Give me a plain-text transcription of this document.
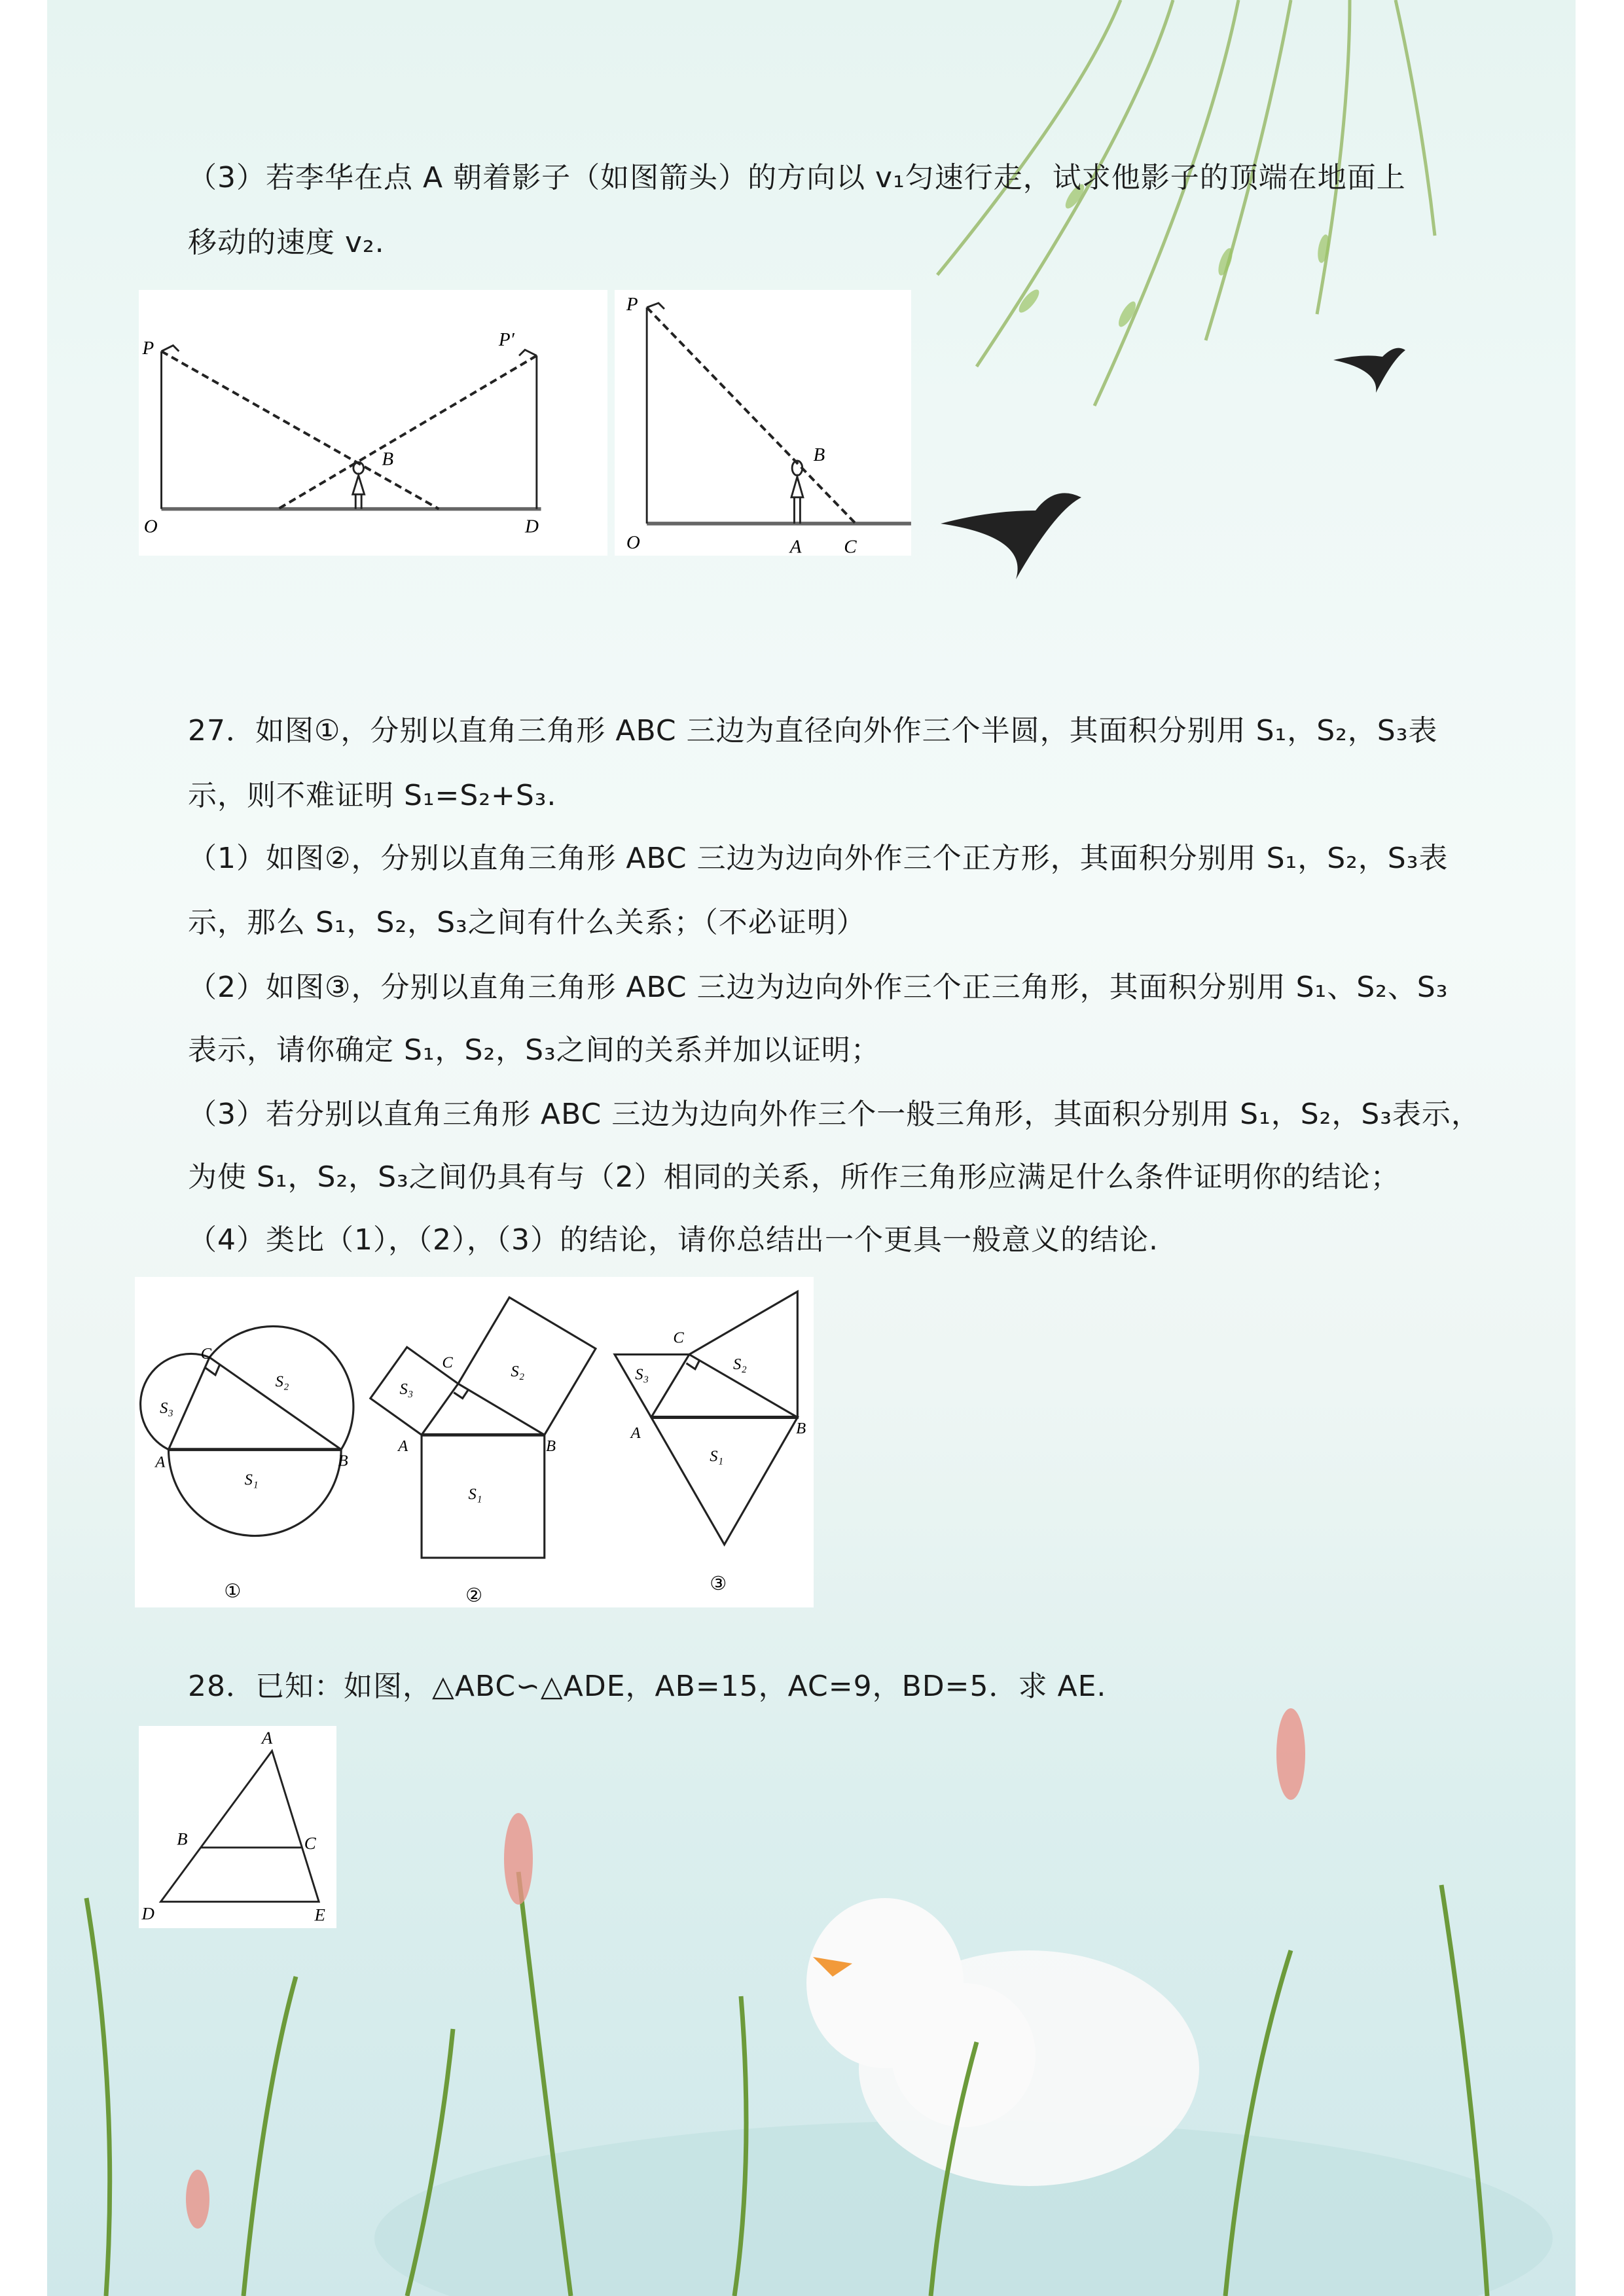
（3）若李华在点 A 朝着影子（如图箭头）的方向以 v₁匀速行走，试求他影子的顶端在地面上
移动的速度 v₂.
P	P′
B
O	D
P
B
O	A	C
27．如图①，分别以直角三角形 ABC 三边为直径向外作三个半圆，其面积分别用 S₁，S₂，S₃表
示，则不难证明 S₁=S₂+S₃.
（1）如图②，分别以直角三角形 ABC 三边为边向外作三个正方形，其面积分别用 S₁，S₂，S₃表
示，那么 S₁，S₂，S₃之间有什么关系；（不必证明）
（2）如图③，分别以直角三角形 ABC 三边为边向外作三个正三角形，其面积分别用 S₁、S₂、S₃
表示，请你确定 S₁，S₂，S₃之间的关系并加以证明；
（3）若分别以直角三角形 ABC 三边为边向外作三个一般三角形，其面积分别用 S₁，S₂，S₃表示，
为使 S₁，S₂，S₃之间仍具有与（2）相同的关系，所作三角形应满足什么条件证明你的结论；
（4）类比（1），（2），（3）的结论，请你总结出一个更具一般意义的结论.
A	B
C
S₁
S₂
S₃
A	B
C
S₁
S₂
S₃
A	B
C
S₁
S₂
S₃
①	②
③
28．已知：如图，△ABC∽△ADE，AB=15，AC=9，BD=5．求 AE.
A
B	C
D	E
